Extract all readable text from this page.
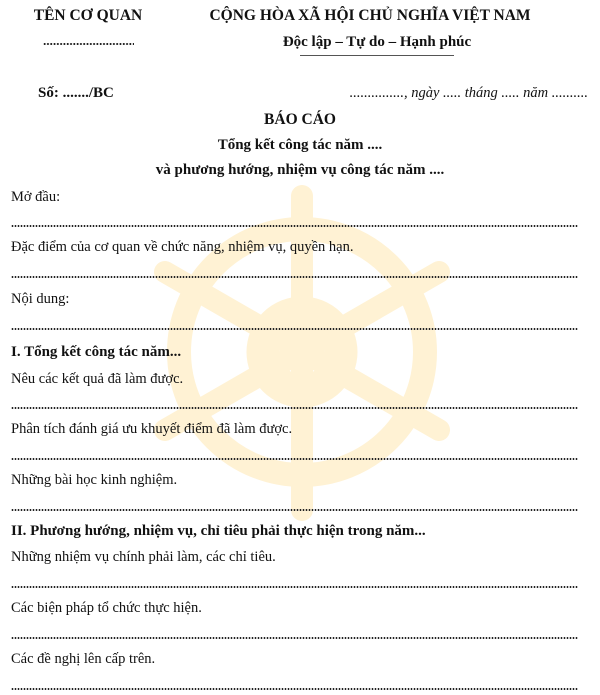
TÊN CƠ QUAN	CỘNG HÒA XÃ HỘI CHỦ NGHĨA VIỆT NAM
Độc lập – Tự do – Hạnh phúc
Số: ......./BC	..............., ngày ..... tháng ..... năm ..........
BÁO CÁO
Tổng kết công tác năm ....
và phương hướng, nhiệm vụ công tác năm ....
Mở đầu:
Đặc điểm của cơ quan về chức năng, nhiệm vụ, quyền hạn.
Nội dung:
I. Tổng kết công tác năm...
Nêu các kết quả đã làm được.
Phân tích đánh giá ưu khuyết điểm đã làm được.
Những bài học kinh nghiệm.
II. Phương hướng, nhiệm vụ, chỉ tiêu phải thực hiện trong năm...
Những nhiệm vụ chính phải làm, các chỉ tiêu.
Các biện pháp tổ chức thực hiện.
Các đề nghị lên cấp trên.
